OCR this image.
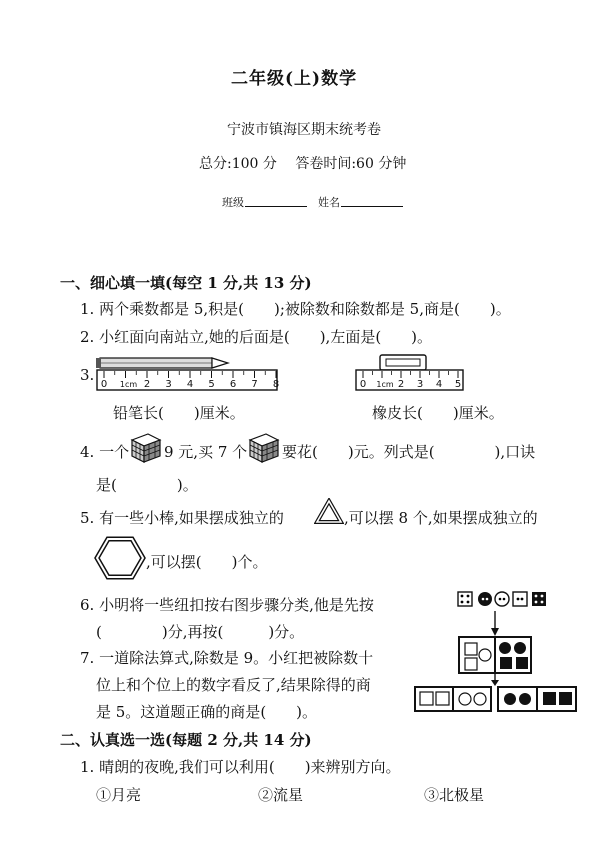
二年级(上)数学
宁波市镇海区期末统考卷
总分:100 分　 答卷时间:60 分钟
班级	姓名
一、细心填一填(每空 1 分,共 13 分)
1. 两个乘数都是 5,积是(　　);被除数和除数都是 5,商是(　　)。
2. 小红面向南站立,她的后面是(　　),左面是(　　)。
3.
0 1cm 2 3 4 5 6 7 8
铅笔长(　　)厘米。
0 1cm 2 3 4 5
橡皮长(　　)厘米。
4. 一个 9 元,买 7 个 要花(　　)元。列式是(　　　　),口诀
是(　　　　)。
5. 有一些小棒,如果摆成独立的	,可以摆 8 个,如果摆成独立的
,可以摆(　　)个。
6. 小明将一些纽扣按右图步骤分类,他是先按
(　　　　)分,再按(　　　)分。
7. 一道除法算式,除数是 9。小红把被除数十
位上和个位上的数字看反了,结果除得的商
是 5。这道题正确的商是(　　)。
二、认真选一选(每题 2 分,共 14 分)
1. 晴朗的夜晚,我们可以利用(　　)来辨别方向。
①月亮	②流星	③北极星
